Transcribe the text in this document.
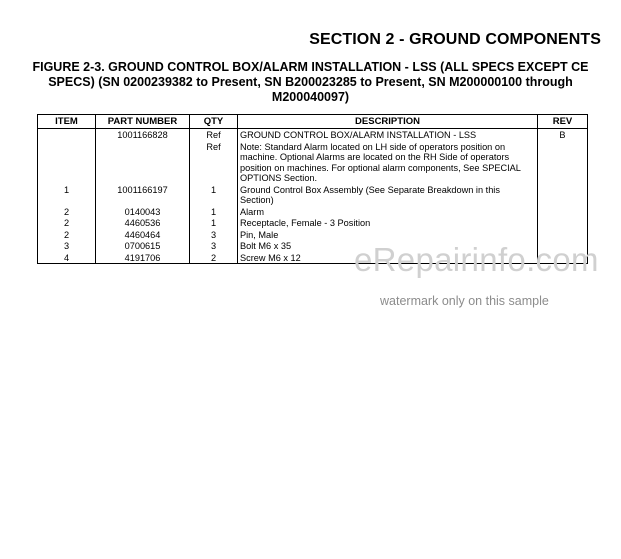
SECTION 2 - GROUND COMPONENTS
FIGURE 2-3. GROUND CONTROL BOX/ALARM INSTALLATION - LSS (ALL SPECS EXCEPT CE SPECS) (SN 0200239382 to Present, SN B200023285 to Present, SN M200000100 through M200040097)
ITEM	PART NUMBER	QTY	DESCRIPTION	REV
	1001166828	Ref	GROUND CONTROL BOX/ALARM INSTALLATION - LSS	B
		Ref	Note: Standard Alarm located on LH side of operators position on machine. Optional Alarms are located on the RH Side of operators position on machines. For optional alarm components, See SPECIAL OPTIONS Section.	
1	1001166197	1	Ground Control Box Assembly (See Separate Breakdown in this Section)	
2	0140043	1	Alarm	
2	4460536	1	Receptacle, Female - 3 Position	
2	4460464	3	Pin, Male	
3	0700615	3	Bolt M6 x 35	
4	4191706	2	Screw M6 x 12	eRepairinfo.com
watermark only on this sample
